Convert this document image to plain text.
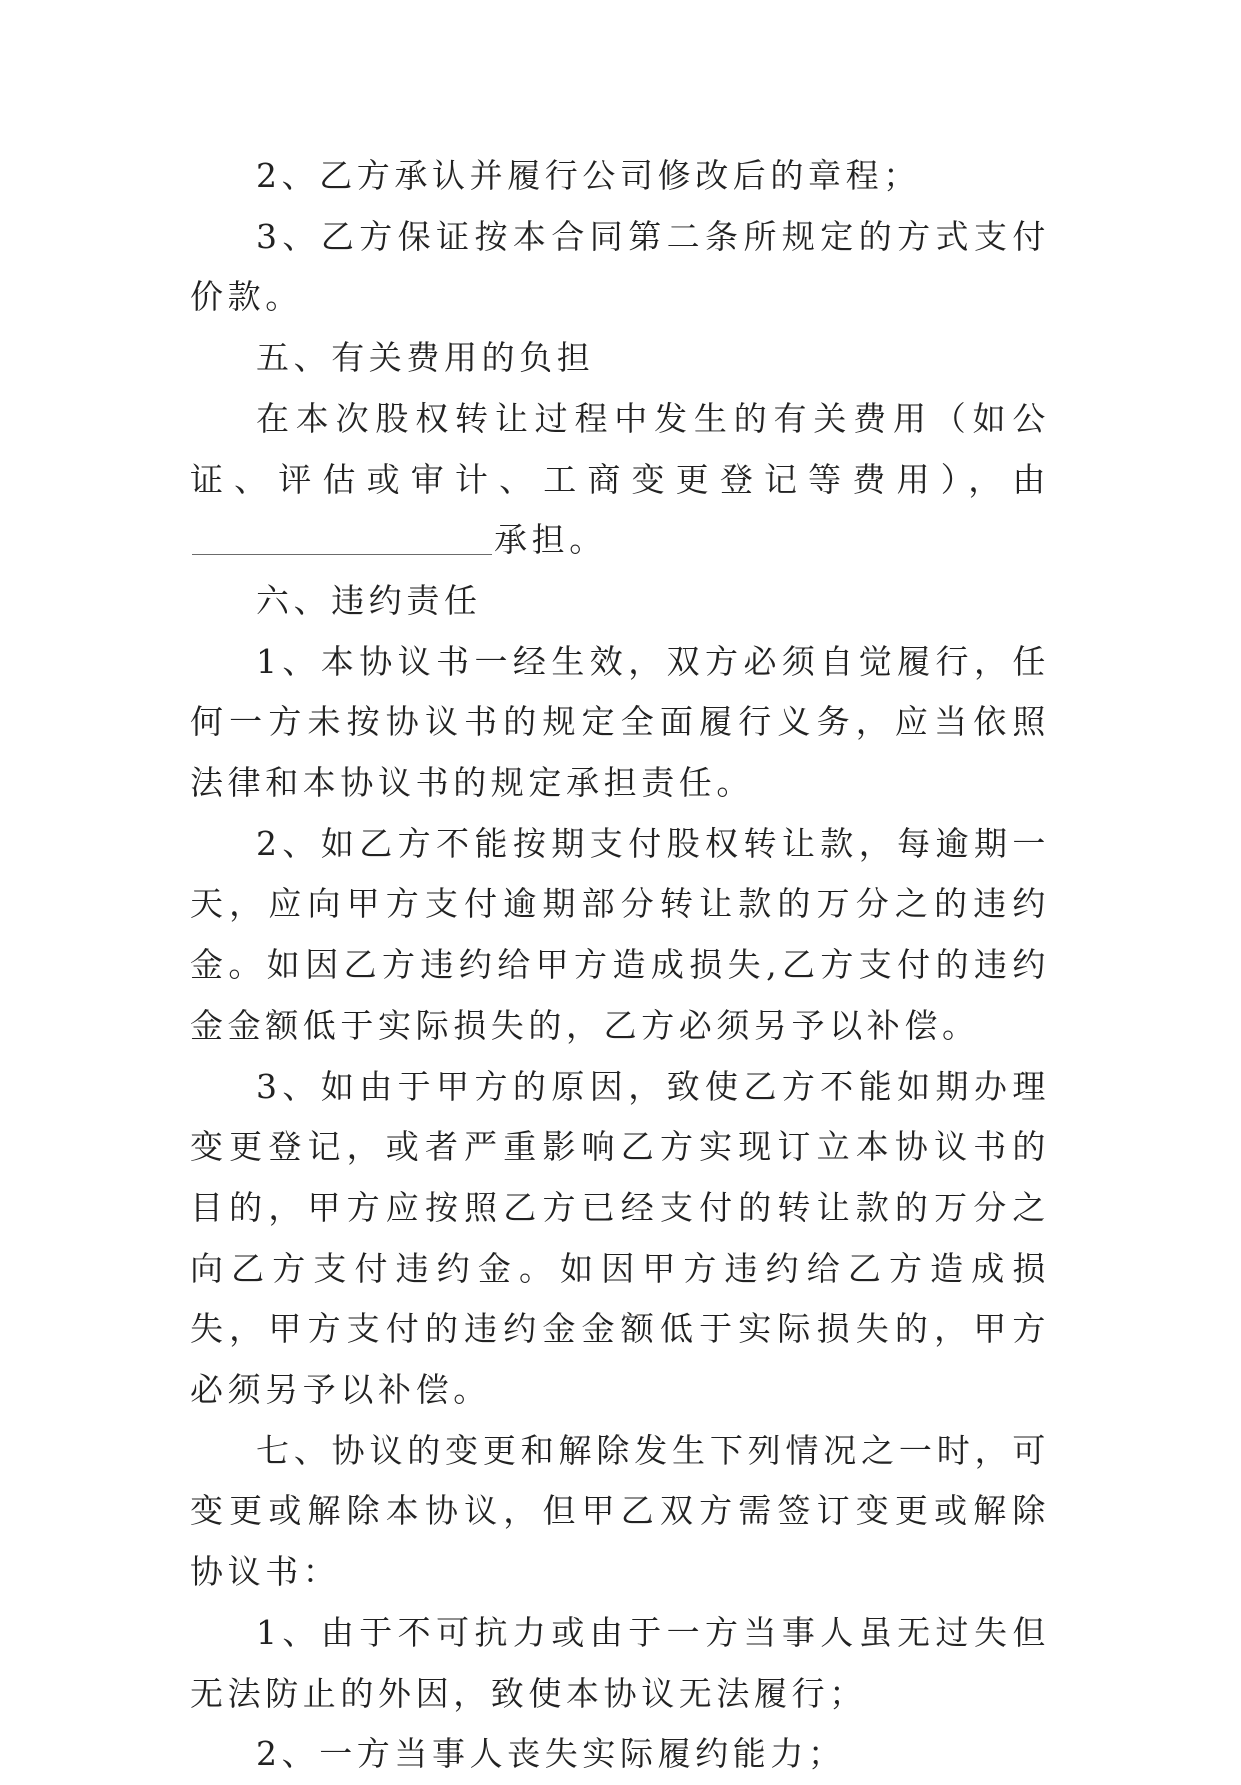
2、乙方承认并履行公司修改后的章程；

3、乙方保证按本合同第二条所规定的方式支付价款。

五、有关费用的负担

在本次股权转让过程中发生的有关费用（如公证、评估或审计、工商变更登记等费用），由承担。

六、违约责任

1、本协议书一经生效，双方必须自觉履行，任何一方未按协议书的规定全面履行义务，应当依照法律和本协议书的规定承担责任。

2、如乙方不能按期支付股权转让款，每逾期一天，应向甲方支付逾期部分转让款的万分之的违约金。如因乙方违约给甲方造成损失,乙方支付的违约金金额低于实际损失的，乙方必须另予以补偿。

3、如由于甲方的原因，致使乙方不能如期办理变更登记，或者严重影响乙方实现订立本协议书的目的，甲方应按照乙方已经支付的转让款的万分之向乙方支付违约金。如因甲方违约给乙方造成损失，甲方支付的违约金金额低于实际损失的，甲方必须另予以补偿。

七、协议的变更和解除发生下列情况之一时，可变更或解除本协议，但甲乙双方需签订变更或解除协议书：

1、由于不可抗力或由于一方当事人虽无过失但无法防止的外因，致使本协议无法履行；

2、一方当事人丧失实际履约能力；
